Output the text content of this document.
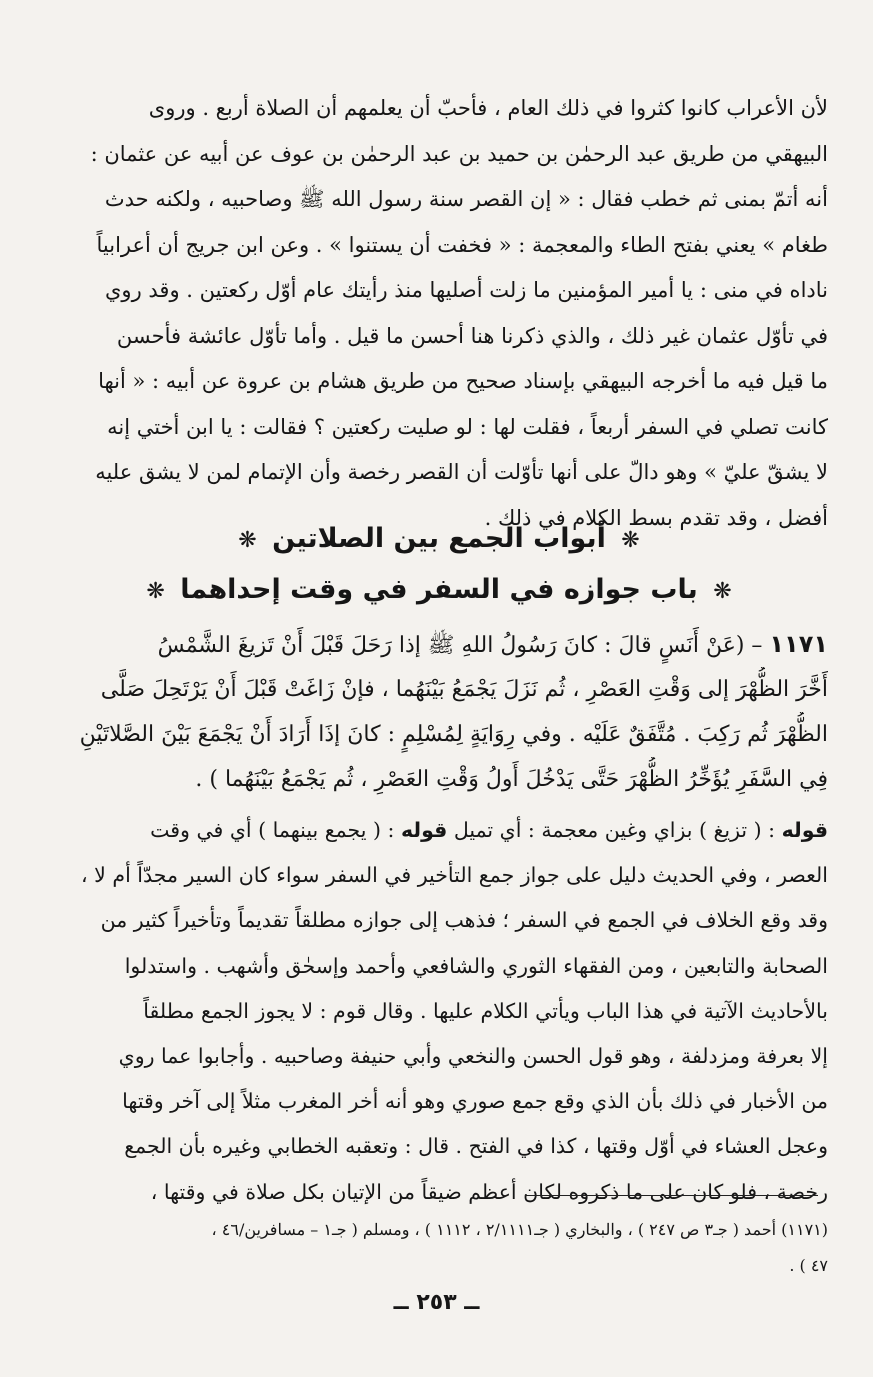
لأن الأعراب كانوا كثروا في ذلك العام ، فأحبّ أن يعلمهم أن الصلاة أربع . وروى
البيهقي من طريق عبد الرحمٰن بن حميد بن عبد الرحمٰن بن عوف عن أبيه عن عثمان :
أنه أتمّ بمنى ثم خطب فقال : « إن القصر سنة رسول الله ﷺ وصاحبيه ، ولكنه حدث
طغام » يعني بفتح الطاء والمعجمة : « فخفت أن يستنوا » . وعن ابن جريج أن أعرابياً
ناداه في منى : يا أمير المؤمنين ما زلت أصليها منذ رأيتك عام أوّل ركعتين . وقد روي
في تأوّل عثمان غير ذلك ، والذي ذكرنا هنا أحسن ما قيل . وأما تأوّل عائشة فأحسن
ما قيل فيه ما أخرجه البيهقي بإسناد صحيح من طريق هشام بن عروة عن أبيه : « أنها
كانت تصلي في السفر أربعاً ، فقلت لها : لو صليت ركعتين ؟ فقالت : يا ابن أختي إنه
لا يشقّ عليّ » وهو دالّ على أنها تأوّلت أن القصر رخصة وأن الإتمام لمن لا يشق عليه
أفضل ، وقد تقدم بسط الكلام في ذلك .
❋ أبواب الجمع بين الصلاتين ❋
❋ باب جوازه في السفر في وقت إحداهما ❋
١١٧١ – (عَنْ أَنَسٍ قالَ : كانَ رَسُولُ اللهِ ﷺ إذا رَحَلَ قَبْلَ أَنْ تَزيغَ الشَّمْسُ
أَخَّرَ الظُّهْرَ إلى وَقْتِ العَصْرِ ، ثُم نَزَلَ يَجْمَعُ بَيْنَهُما ، فإنْ زَاغَتْ قَبْلَ أَنْ يَرْتَحِلَ صَلَّى
الظُّهْرَ ثُم رَكِبَ . مُتَّفَقٌ عَلَيْه . وفي رِوَايَةٍ لِمُسْلِمٍ : كانَ إذَا أَرَادَ أَنْ يَجْمَعَ بَيْنَ الصَّلاتَيْنِ
فِي السَّفَرِ يُؤَخِّرُ الظُّهْرَ حَتَّى يَدْخُلَ أَولُ وَقْتِ العَصْرِ ، ثُم يَجْمَعُ بَيْنَهُما ) .
قوله : ( تزيغ ) بزاي وغين معجمة : أي تميل قوله : ( يجمع بينهما ) أي في وقت
العصر ، وفي الحديث دليل على جواز جمع التأخير في السفر سواء كان السير مجدّاً أم لا ،
وقد وقع الخلاف في الجمع في السفر ؛ فذهب إلى جوازه مطلقاً تقديماً وتأخيراً كثير من
الصحابة والتابعين ، ومن الفقهاء الثوري والشافعي وأحمد وإسحٰق وأشهب . واستدلوا
بالأحاديث الآتية في هذا الباب ويأتي الكلام عليها . وقال قوم : لا يجوز الجمع مطلقاً
إلا بعرفة ومزدلفة ، وهو قول الحسن والنخعي وأبي حنيفة وصاحبيه . وأجابوا عما روي
من الأخبار في ذلك بأن الذي وقع جمع صوري وهو أنه أخر المغرب مثلاً إلى آخر وقتها
وعجل العشاء في أوّل وقتها ، كذا في الفتح . قال : وتعقبه الخطابي وغيره بأن الجمع
رخصة ، فلو كان على ما ذكروه لكان أعظم ضيقاً من الإتيان بكل صلاة في وقتها ،
(١١٧١) أحمد ( جـ٣ ص ٢٤٧ ) ، والبخاري ( جـ٢/١١١١ ، ١١١٢ ) ، ومسلم ( جـ١ – مسافرين/٤٦ ،
٤٧ ) .
ــ ٢٥٣ ــ
